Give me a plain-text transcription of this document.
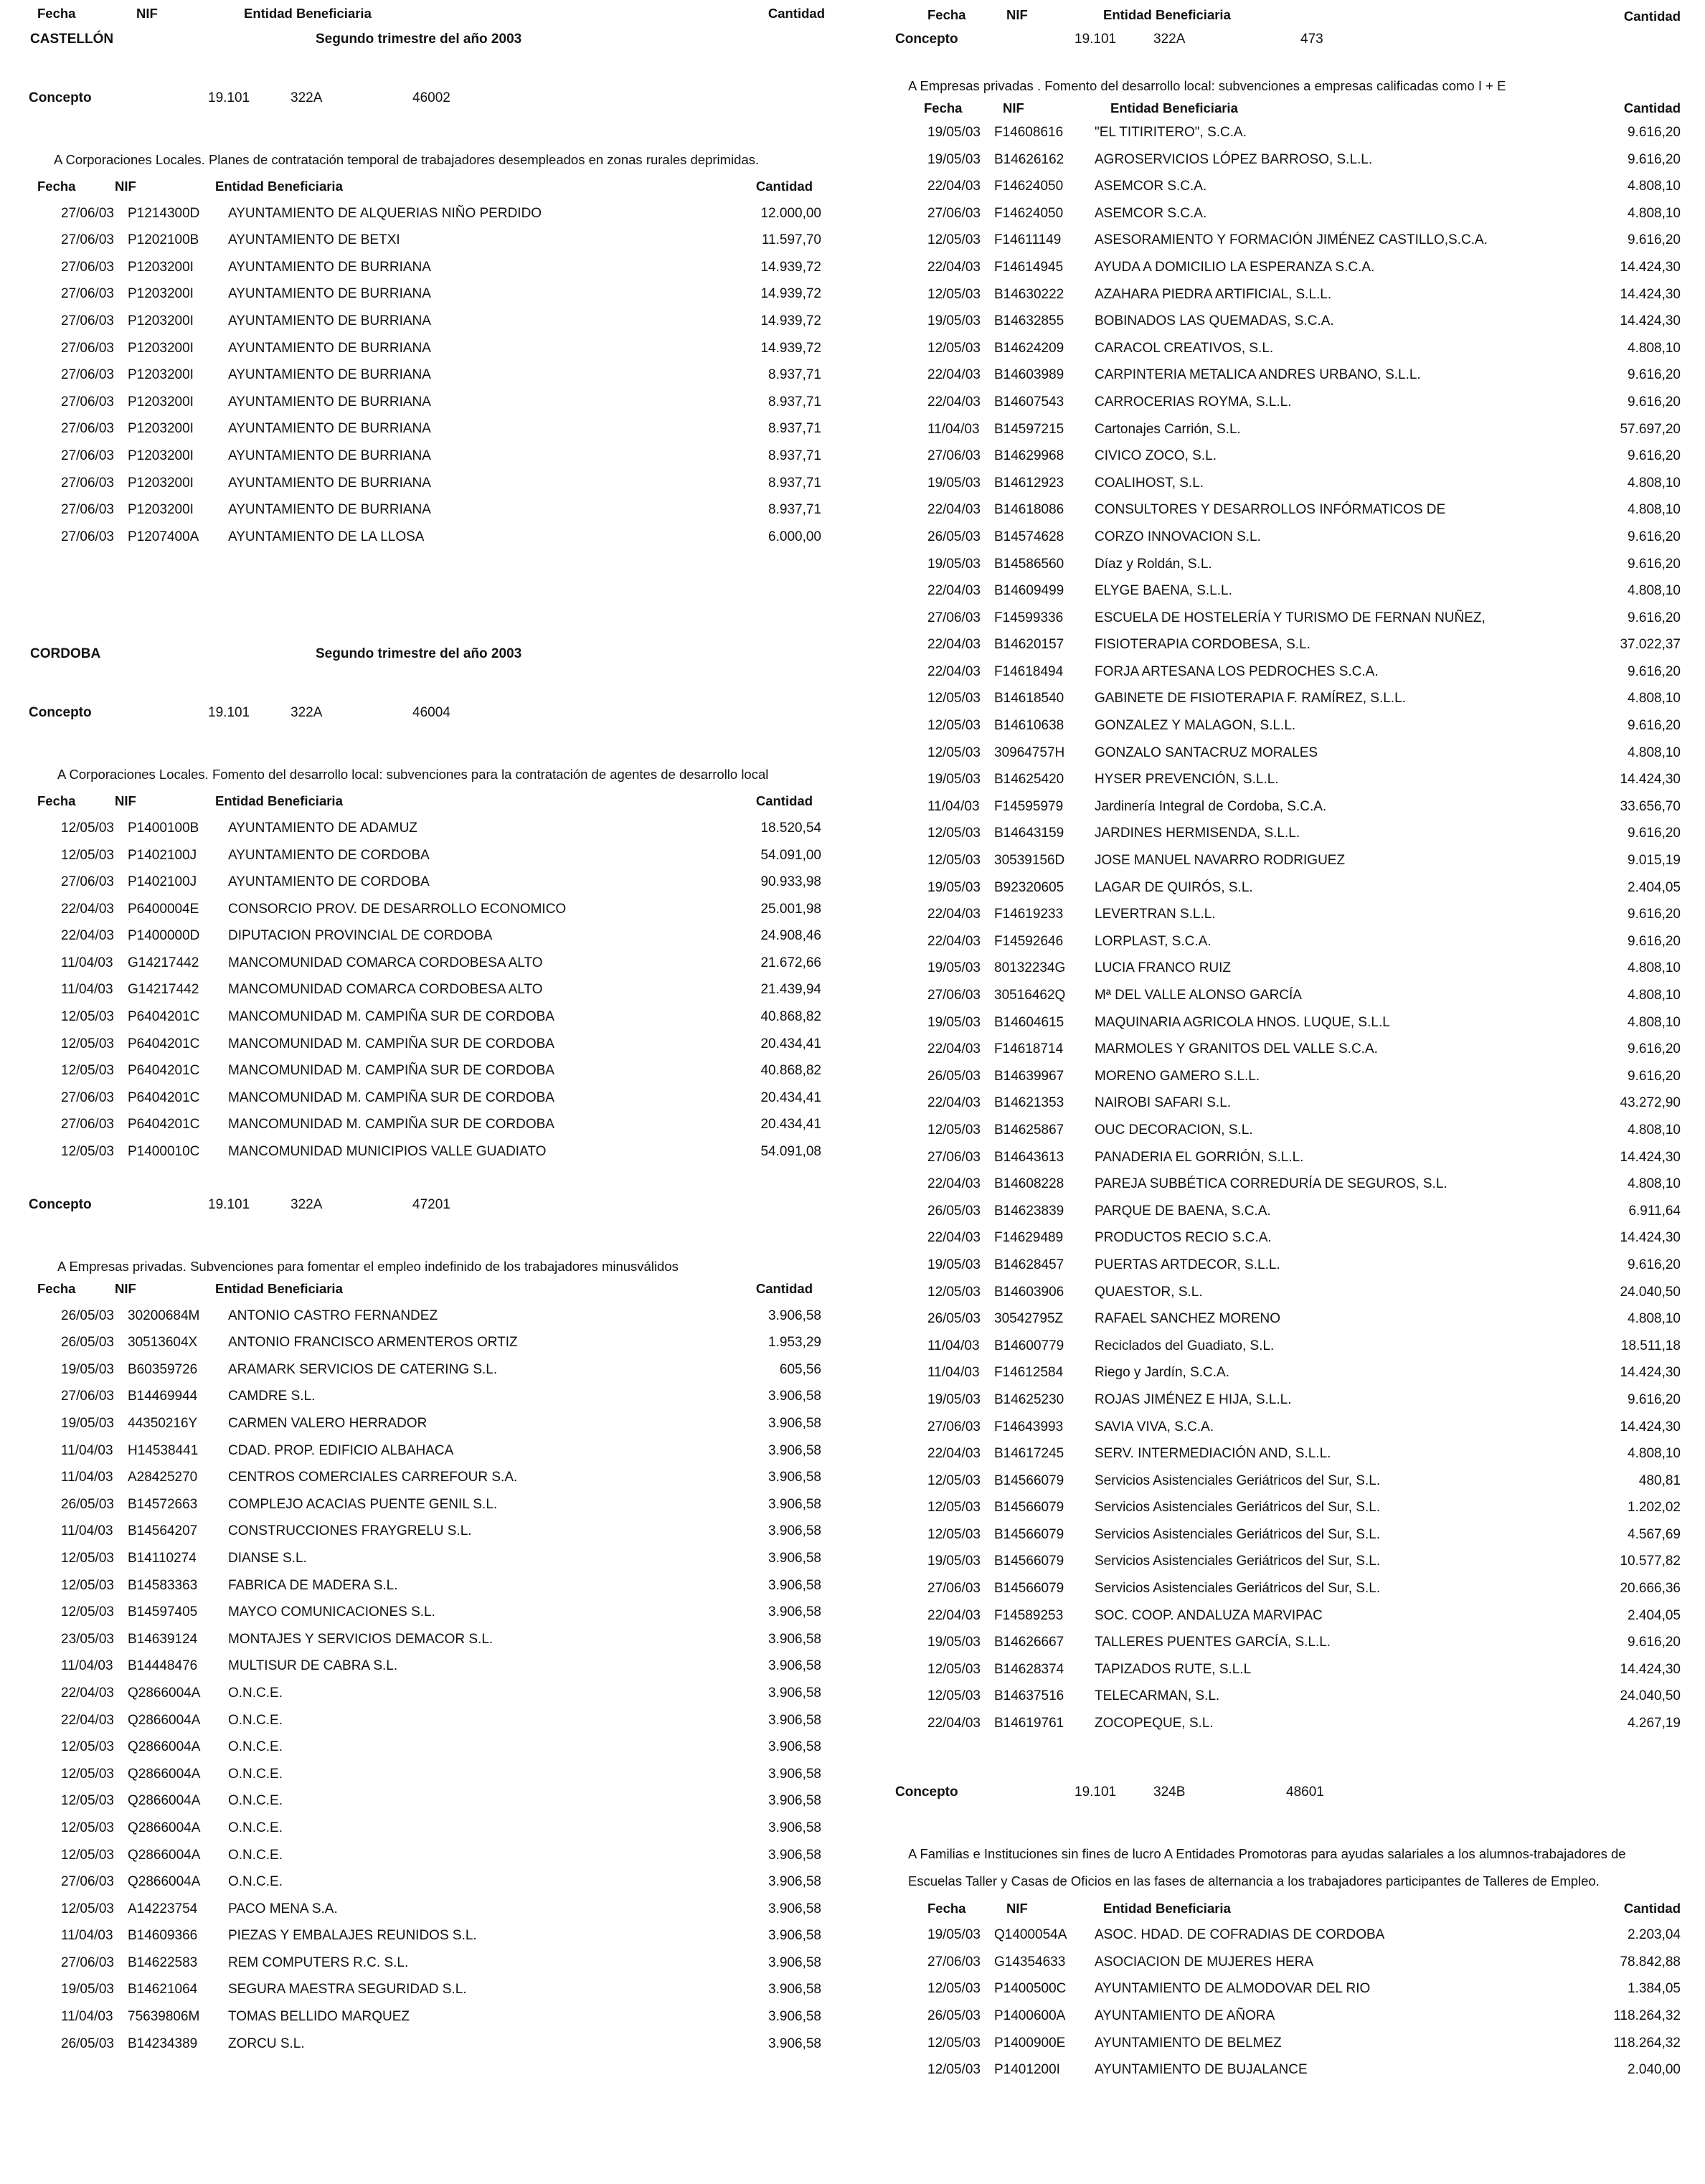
Fecha	NIF	Entidad Beneficiaria	Cantidad
CASTELLÓN	Segundo trimestre del año 2003
Concepto	19.101	322A	46002
A Corporaciones Locales. Planes de contratación temporal de trabajadores desempleados en zonas rurales deprimidas.
Fecha	NIF	Entidad Beneficiaria	Cantidad
27/06/03 P1214300D AYUNTAMIENTO DE ALQUERIAS NIÑO PERDIDO	12.000,00
27/06/03 P1202100B AYUNTAMIENTO DE BETXI	11.597,70
27/06/03 P1203200I	AYUNTAMIENTO DE BURRIANA	14.939,72
27/06/03 P1203200I	AYUNTAMIENTO DE BURRIANA	14.939,72
27/06/03 P1203200I	AYUNTAMIENTO DE BURRIANA	14.939,72
27/06/03 P1203200I	AYUNTAMIENTO DE BURRIANA	14.939,72
27/06/03 P1203200I	AYUNTAMIENTO DE BURRIANA	8.937,71
27/06/03 P1203200I	AYUNTAMIENTO DE BURRIANA	8.937,71
27/06/03 P1203200I	AYUNTAMIENTO DE BURRIANA	8.937,71
27/06/03 P1203200I	AYUNTAMIENTO DE BURRIANA	8.937,71
27/06/03 P1203200I	AYUNTAMIENTO DE BURRIANA	8.937,71
27/06/03 P1203200I	AYUNTAMIENTO DE BURRIANA	8.937,71
27/06/03 P1207400A AYUNTAMIENTO DE LA LLOSA	6.000,00
CORDOBA	Segundo trimestre del año 2003
Concepto	19.101	322A	46004
A Corporaciones Locales. Fomento del desarrollo local: subvenciones para la contratación de agentes de desarrollo local
Fecha	NIF	Entidad Beneficiaria	Cantidad
12/05/03 P1400100B AYUNTAMIENTO DE ADAMUZ	18.520,54
12/05/03 P1402100J AYUNTAMIENTO DE CORDOBA	54.091,00
27/06/03 P1402100J AYUNTAMIENTO DE CORDOBA	90.933,98
22/04/03 P6400004E CONSORCIO PROV. DE DESARROLLO ECONOMICO	25.001,98
22/04/03 P1400000D DIPUTACION PROVINCIAL DE CORDOBA	24.908,46
11/04/03 G14217442 MANCOMUNIDAD COMARCA CORDOBESA ALTO	21.672,66
11/04/03 G14217442 MANCOMUNIDAD COMARCA CORDOBESA ALTO	21.439,94
12/05/03 P6404201C MANCOMUNIDAD M. CAMPIÑA SUR DE CORDOBA	40.868,82
12/05/03 P6404201C MANCOMUNIDAD M. CAMPIÑA SUR DE CORDOBA	20.434,41
12/05/03 P6404201C MANCOMUNIDAD M. CAMPIÑA SUR DE CORDOBA	40.868,82
27/06/03 P6404201C MANCOMUNIDAD M. CAMPIÑA SUR DE CORDOBA	20.434,41
27/06/03 P6404201C MANCOMUNIDAD M. CAMPIÑA SUR DE CORDOBA	20.434,41
12/05/03 P1400010C MANCOMUNIDAD MUNICIPIOS VALLE GUADIATO	54.091,08
Concepto	19.101	322A	47201
A Empresas privadas. Subvenciones para fomentar el empleo indefinido de los trabajadores minusválidos
Fecha	NIF	Entidad Beneficiaria	Cantidad
26/05/03 30200684M ANTONIO CASTRO FERNANDEZ	3.906,58
26/05/03 30513604X ANTONIO FRANCISCO ARMENTEROS ORTIZ	1.953,29
19/05/03 B60359726 ARAMARK SERVICIOS DE CATERING S.L.	605,56
27/06/03 B14469944 CAMDRE S.L.	3.906,58
19/05/03 44350216Y CARMEN VALERO HERRADOR	3.906,58
11/04/03 H14538441 CDAD. PROP. EDIFICIO ALBAHACA	3.906,58
11/04/03 A28425270 CENTROS COMERCIALES CARREFOUR S.A.	3.906,58
26/05/03 B14572663 COMPLEJO ACACIAS PUENTE GENIL S.L.	3.906,58
11/04/03 B14564207 CONSTRUCCIONES FRAYGRELU S.L.	3.906,58
12/05/03 B14110274 DIANSE S.L.	3.906,58
12/05/03 B14583363 FABRICA DE MADERA S.L.	3.906,58
12/05/03 B14597405 MAYCO COMUNICACIONES S.L.	3.906,58
23/05/03 B14639124 MONTAJES Y SERVICIOS DEMACOR S.L.	3.906,58
11/04/03 B14448476 MULTISUR DE CABRA S.L.	3.906,58
22/04/03 Q2866004A O.N.C.E.	3.906,58
22/04/03 Q2866004A O.N.C.E.	3.906,58
12/05/03 Q2866004A O.N.C.E.	3.906,58
12/05/03 Q2866004A O.N.C.E.	3.906,58
12/05/03 Q2866004A O.N.C.E.	3.906,58
12/05/03 Q2866004A O.N.C.E.	3.906,58
12/05/03 Q2866004A O.N.C.E.	3.906,58
27/06/03 Q2866004A O.N.C.E.	3.906,58
12/05/03 A14223754 PACO MENA S.A.	3.906,58
11/04/03 B14609366 PIEZAS Y EMBALAJES REUNIDOS S.L.	3.906,58
27/06/03 B14622583 REM COMPUTERS R.C. S.L.	3.906,58
19/05/03 B14621064 SEGURA MAESTRA SEGURIDAD S.L.	3.906,58
11/04/03 75639806M TOMAS BELLIDO MARQUEZ	3.906,58
26/05/03 B14234389 ZORCU S.L.	3.906,58
Fecha	NIF	Entidad Beneficiaria	Cantidad
Concepto	19.101	322A	473
A Empresas privadas . Fomento del desarrollo local: subvenciones a empresas calificadas como I + E
Fecha	NIF	Entidad Beneficiaria	Cantidad
19/05/03 F14608616 "EL TITIRITERO", S.C.A.	9.616,20
19/05/03 B14626162 AGROSERVICIOS LÓPEZ BARROSO, S.L.L.	9.616,20
22/04/03 F14624050 ASEMCOR S.C.A.	4.808,10
27/06/03 F14624050 ASEMCOR S.C.A.	4.808,10
12/05/03 F14611149 ASESORAMIENTO Y FORMACIÓN JIMÉNEZ CASTILLO,S.C.A.	9.616,20
22/04/03 F14614945 AYUDA A DOMICILIO LA ESPERANZA S.C.A.	14.424,30
12/05/03 B14630222 AZAHARA PIEDRA ARTIFICIAL, S.L.L.	14.424,30
19/05/03 B14632855 BOBINADOS LAS QUEMADAS, S.C.A.	14.424,30
12/05/03 B14624209 CARACOL CREATIVOS, S.L.	4.808,10
22/04/03 B14603989 CARPINTERIA METALICA ANDRES URBANO, S.L.L.	9.616,20
22/04/03 B14607543 CARROCERIAS ROYMA, S.L.L.	9.616,20
11/04/03 B14597215 Cartonajes Carrión, S.L.	57.697,20
27/06/03 B14629968 CIVICO ZOCO, S.L.	9.616,20
19/05/03 B14612923 COALIHOST, S.L.	4.808,10
22/04/03 B14618086 CONSULTORES Y DESARROLLOS INFÓRMATICOS DE	4.808,10
26/05/03 B14574628 CORZO INNOVACION S.L.	9.616,20
19/05/03 B14586560 Díaz y Roldán, S.L.	9.616,20
22/04/03 B14609499 ELYGE BAENA, S.L.L.	4.808,10
27/06/03 F14599336 ESCUELA DE HOSTELERÍA Y TURISMO DE FERNAN NUÑEZ,	9.616,20
22/04/03 B14620157 FISIOTERAPIA CORDOBESA, S.L.	37.022,37
22/04/03 F14618494 FORJA ARTESANA LOS PEDROCHES S.C.A.	9.616,20
12/05/03 B14618540 GABINETE DE FISIOTERAPIA F. RAMÍREZ, S.L.L.	4.808,10
12/05/03 B14610638 GONZALEZ Y MALAGON, S.L.L.	9.616,20
12/05/03 30964757H GONZALO SANTACRUZ MORALES	4.808,10
19/05/03 B14625420 HYSER PREVENCIÓN, S.L.L.	14.424,30
11/04/03 F14595979 Jardinería Integral de Cordoba, S.C.A.	33.656,70
12/05/03 B14643159 JARDINES HERMISENDA, S.L.L.	9.616,20
12/05/03 30539156D JOSE MANUEL NAVARRO RODRIGUEZ	9.015,19
19/05/03 B92320605 LAGAR DE QUIRÓS, S.L.	2.404,05
22/04/03 F14619233 LEVERTRAN S.L.L.	9.616,20
22/04/03 F14592646 LORPLAST, S.C.A.	9.616,20
19/05/03 80132234G LUCIA FRANCO RUIZ	4.808,10
27/06/03 30516462Q Mª DEL VALLE ALONSO GARCÍA	4.808,10
19/05/03 B14604615 MAQUINARIA AGRICOLA HNOS. LUQUE, S.L.L	4.808,10
22/04/03 F14618714 MARMOLES Y GRANITOS DEL VALLE S.C.A.	9.616,20
26/05/03 B14639967 MORENO GAMERO S.L.L.	9.616,20
22/04/03 B14621353 NAIROBI SAFARI S.L.	43.272,90
12/05/03 B14625867 OUC DECORACION, S.L.	4.808,10
27/06/03 B14643613 PANADERIA EL GORRIÓN, S.L.L.	14.424,30
22/04/03 B14608228 PAREJA SUBBÉTICA CORREDURÍA DE SEGUROS, S.L.	4.808,10
26/05/03 B14623839 PARQUE DE BAENA, S.C.A.	6.911,64
22/04/03 F14629489 PRODUCTOS RECIO S.C.A.	14.424,30
19/05/03 B14628457 PUERTAS ARTDECOR, S.L.L.	9.616,20
12/05/03 B14603906 QUAESTOR, S.L.	24.040,50
26/05/03 30542795Z RAFAEL SANCHEZ MORENO	4.808,10
11/04/03 B14600779 Reciclados del Guadiato, S.L.	18.511,18
11/04/03 F14612584 Riego y Jardín, S.C.A.	14.424,30
19/05/03 B14625230 ROJAS JIMÉNEZ E HIJA, S.L.L.	9.616,20
27/06/03 F14643993 SAVIA VIVA, S.C.A.	14.424,30
22/04/03 B14617245 SERV. INTERMEDIACIÓN AND, S.L.L.	4.808,10
12/05/03 B14566079 Servicios Asistenciales Geriátricos del Sur, S.L.	480,81
12/05/03 B14566079 Servicios Asistenciales Geriátricos del Sur, S.L.	1.202,02
12/05/03 B14566079 Servicios Asistenciales Geriátricos del Sur, S.L.	4.567,69
19/05/03 B14566079 Servicios Asistenciales Geriátricos del Sur, S.L.	10.577,82
27/06/03 B14566079 Servicios Asistenciales Geriátricos del Sur, S.L.	20.666,36
22/04/03 F14589253 SOC. COOP. ANDALUZA MARVIPAC	2.404,05
19/05/03 B14626667 TALLERES PUENTES GARCÍA, S.L.L.	9.616,20
12/05/03 B14628374 TAPIZADOS RUTE, S.L.L	14.424,30
12/05/03 B14637516 TELECARMAN, S.L.	24.040,50
22/04/03 B14619761 ZOCOPEQUE, S.L.	4.267,19
Concepto	19.101	324B	48601
A Familias e Instituciones sin fines de lucro A Entidades Promotoras para ayudas salariales a los alumnos-trabajadores de Escuelas Taller y Casas de Oficios en las fases de alternancia a los trabajadores participantes de Talleres de Empleo.
Fecha	NIF	Entidad Beneficiaria	Cantidad
19/05/03 Q1400054A ASOC. HDAD. DE COFRADIAS DE CORDOBA	2.203,04
27/06/03 G14354633 ASOCIACION DE MUJERES HERA	78.842,88
12/05/03 P1400500C AYUNTAMIENTO DE ALMODOVAR DEL RIO	1.384,05
26/05/03 P1400600A AYUNTAMIENTO DE AÑORA	118.264,32
12/05/03 P1400900E AYUNTAMIENTO DE BELMEZ	118.264,32
12/05/03 P1401200I	AYUNTAMIENTO DE BUJALANCE	2.040,00
